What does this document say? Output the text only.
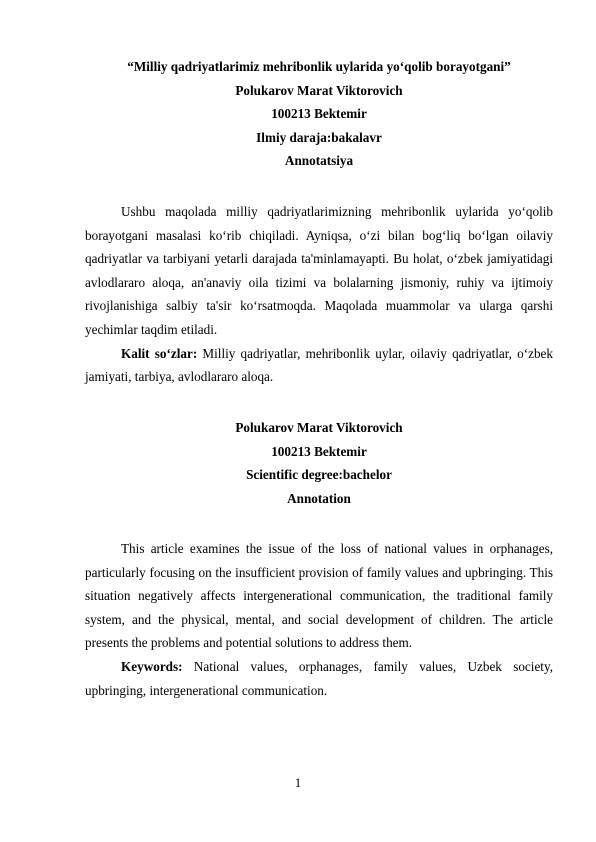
“Milliy qadriyatlarimiz mehribonlik uylarida yo‘qolib borayotgani”
Polukarov Marat Viktorovich
100213 Bektemir
Ilmiy daraja:bakalavr
Annotatsiya
Ushbu maqolada milliy qadriyatlarimizning mehribonlik uylarida yo‘qolib borayotgani masalasi ko‘rib chiqiladi. Ayniqsa, o‘zi bilan bog‘liq bo‘lgan oilaviy qadriyatlar va tarbiyani yetarli darajada ta'minlamayapti. Bu holat, o‘zbek jamiyatidagi avlodlararo aloqa, an'anaviy oila tizimi va bolalarning jismoniy, ruhiy va ijtimoiy rivojlanishiga salbiy ta'sir ko‘rsatmoqda. Maqolada muammolar va ularga qarshi yechimlar taqdim etiladi.
Kalit so‘zlar: Milliy qadriyatlar, mehribonlik uylar, oilaviy qadriyatlar, o‘zbek jamiyati, tarbiya, avlodlararo aloqa.
Polukarov Marat Viktorovich
100213 Bektemir
Scientific degree:bachelor
Annotation
This article examines the issue of the loss of national values in orphanages, particularly focusing on the insufficient provision of family values and upbringing. This situation negatively affects intergenerational communication, the traditional family system, and the physical, mental, and social development of children. The article presents the problems and potential solutions to address them.
Keywords: National values, orphanages, family values, Uzbek society, upbringing, intergenerational communication.
1
